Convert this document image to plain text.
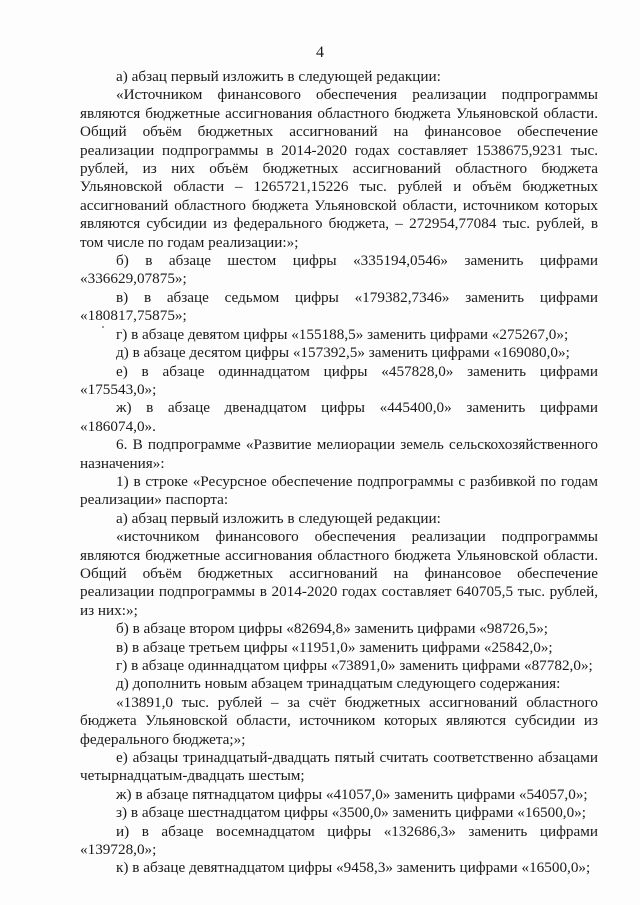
4

а) абзац первый изложить в следующей редакции:

«Источником финансового обеспечения реализации подпрограммы являются бюджетные ассигнования областного бюджета Ульяновской области. Общий объём бюджетных ассигнований на финансовое обеспечение реализации подпрограммы в 2014-2020 годах составляет 1538675,9231 тыс. рублей, из них объём бюджетных ассигнований областного бюджета Ульяновской области – 1265721,15226 тыс. рублей и объём бюджетных ассигнований областного бюджета Ульяновской области, источником которых являются субсидии из федерального бюджета, – 272954,77084 тыс. рублей, в том числе по годам реализации:»;

б) в абзаце шестом цифры «335194,0546» заменить цифрами «336629,07875»;

в) в абзаце седьмом цифры «179382,7346» заменить цифрами «180817,75875»;

г) в абзаце девятом цифры «155188,5» заменить цифрами «275267,0»;

д) в абзаце десятом цифры «157392,5» заменить цифрами «169080,0»;

е) в абзаце одиннадцатом цифры «457828,0» заменить цифрами «175543,0»;

ж) в абзаце двенадцатом цифры «445400,0» заменить цифрами «186074,0».

6. В подпрограмме «Развитие мелиорации земель сельскохозяйственного назначения»:

1) в строке «Ресурсное обеспечение подпрограммы с разбивкой по годам реализации» паспорта:

а) абзац первый изложить в следующей редакции:

«источником финансового обеспечения реализации подпрограммы являются бюджетные ассигнования областного бюджета Ульяновской области. Общий объём бюджетных ассигнований на финансовое обеспечение реализации подпрограммы в 2014-2020 годах составляет 640705,5 тыс. рублей, из них:»;

б) в абзаце втором цифры «82694,8» заменить цифрами «98726,5»;

в) в абзаце третьем цифры «11951,0» заменить цифрами «25842,0»;

г) в абзаце одиннадцатом цифры «73891,0» заменить цифрами «87782,0»;

д) дополнить новым абзацем тринадцатым следующего содержания:

«13891,0 тыс. рублей – за счёт бюджетных ассигнований областного бюджета Ульяновской области, источником которых являются субсидии из федерального бюджета;»;

е) абзацы тринадцатый-двадцать пятый считать соответственно абзацами четырнадцатым-двадцать шестым;

ж) в абзаце пятнадцатом цифры «41057,0» заменить цифрами «54057,0»;

з) в абзаце шестнадцатом цифры «3500,0» заменить цифрами «16500,0»;

и) в абзаце восемнадцатом цифры «132686,3» заменить цифрами «139728,0»;

к) в абзаце девятнадцатом цифры «9458,3» заменить цифрами «16500,0»;
